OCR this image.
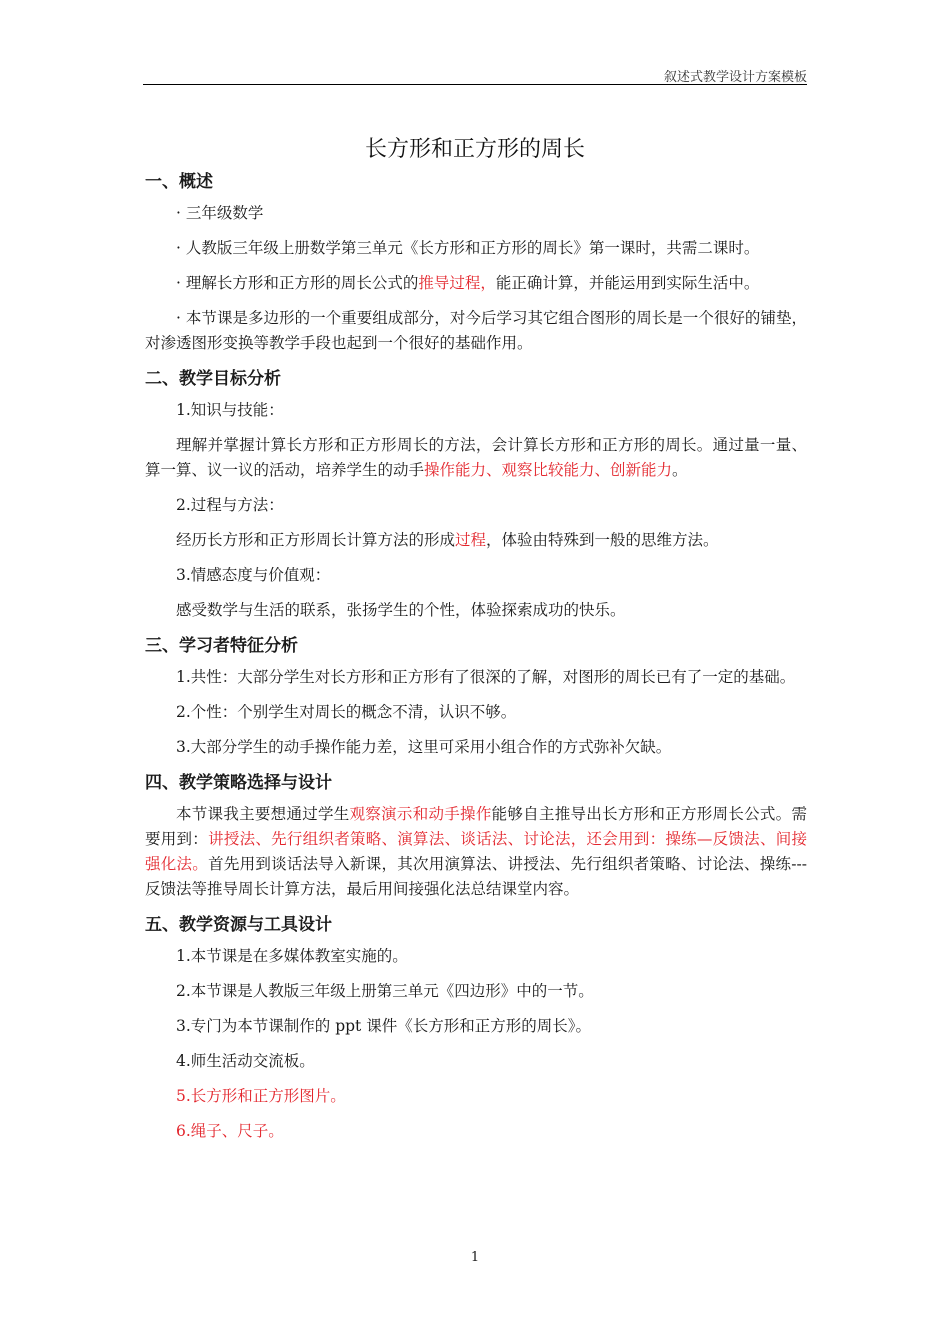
叙述式教学设计方案模板
长方形和正方形的周长
一、概述

· 三年级数学

· 人教版三年级上册数学第三单元《长方形和正方形的周长》第一课时，共需二课时。

· 理解长方形和正方形的周长公式的推导过程，能正确计算，并能运用到实际生活中。

· 本节课是多边形的一个重要组成部分，对今后学习其它组合图形的周长是一个很好的铺垫，对渗透图形变换等教学手段也起到一个很好的基础作用。

二、教学目标分析

1.知识与技能：

理解并掌握计算长方形和正方形周长的方法，会计算长方形和正方形的周长。通过量一量、算一算、议一议的活动，培养学生的动手操作能力、观察比较能力、创新能力。

2.过程与方法：

经历长方形和正方形周长计算方法的形成过程，体验由特殊到一般的思维方法。

3.情感态度与价值观：

感受数学与生活的联系，张扬学生的个性，体验探索成功的快乐。

三、学习者特征分析

1.共性：大部分学生对长方形和正方形有了很深的了解，对图形的周长已有了一定的基础。

2.个性：个别学生对周长的概念不清，认识不够。

3.大部分学生的动手操作能力差，这里可采用小组合作的方式弥补欠缺。

四、教学策略选择与设计

本节课我主要想通过学生观察演示和动手操作能够自主推导出长方形和正方形周长公式。需要用到：讲授法、先行组织者策略、演算法、谈话法、讨论法，还会用到：操练—反馈法、间接强化法。首先用到谈话法导入新课，其次用演算法、讲授法、先行组织者策略、讨论法、操练---反馈法等推导周长计算方法，最后用间接强化法总结课堂内容。

五、教学资源与工具设计

1.本节课是在多媒体教室实施的。

2.本节课是人教版三年级上册第三单元《四边形》中的一节。

3.专门为本节课制作的 ppt 课件《长方形和正方形的周长》。

4.师生活动交流板。

5.长方形和正方形图片。

6.绳子、尺子。

1
